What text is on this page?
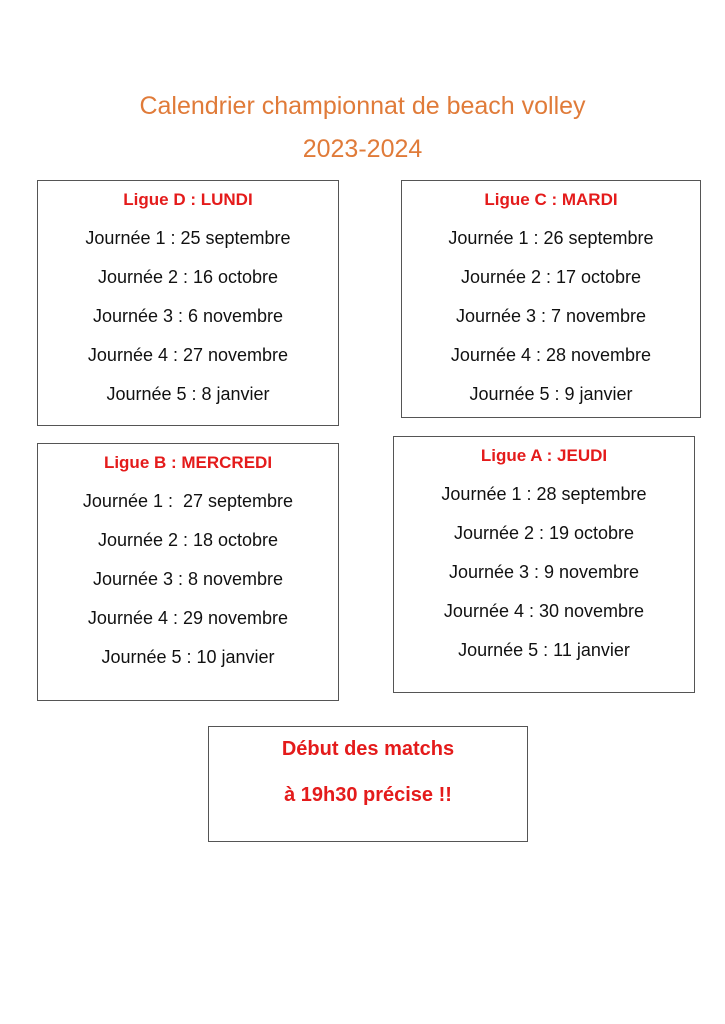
Calendrier championnat de beach volley
2023-2024
Ligue D : LUNDI
Journée 1 : 25 septembre
Journée 2 : 16 octobre
Journée 3 : 6 novembre
Journée 4 : 27 novembre
Journée 5 : 8 janvier
Ligue C : MARDI
Journée 1 : 26 septembre
Journée 2 : 17 octobre
Journée 3 : 7 novembre
Journée 4 : 28 novembre
Journée 5 : 9 janvier
Ligue B : MERCREDI
Journée 1 :  27 septembre
Journée 2 : 18 octobre
Journée 3 : 8 novembre
Journée 4 : 29 novembre
Journée 5 : 10 janvier
Ligue A : JEUDI
Journée 1 : 28 septembre
Journée 2 : 19 octobre
Journée 3 : 9 novembre
Journée 4 : 30 novembre
Journée 5 : 11 janvier
Début des matchs
à 19h30 précise !!
